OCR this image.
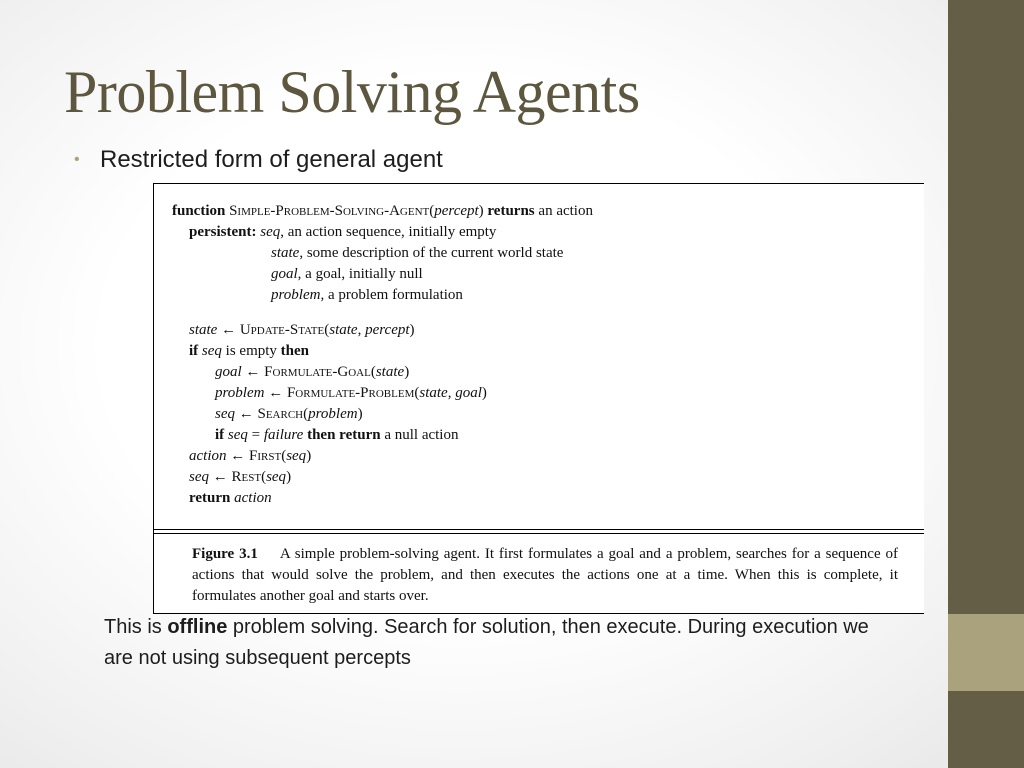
Problem Solving Agents
• Restricted form of general agent
function Simple-Problem-Solving-Agent(percept) returns an action
persistent: seq, an action sequence, initially empty
state, some description of the current world state
goal, a goal, initially null
problem, a problem formulation
state ← Update-State(state, percept)
if seq is empty then
goal ← Formulate-Goal(state)
problem ← Formulate-Problem(state, goal)
seq ← Search(problem)
if seq = failure then return a null action
action ← First(seq)
seq ← Rest(seq)
return action
Figure 3.1 A simple problem-solving agent. It first formulates a goal and a problem, searches for a sequence of actions that would solve the problem, and then executes the actions one at a time. When this is complete, it formulates another goal and starts over.
This is offline problem solving. Search for solution, then execute. During execution we are not using subsequent percepts
